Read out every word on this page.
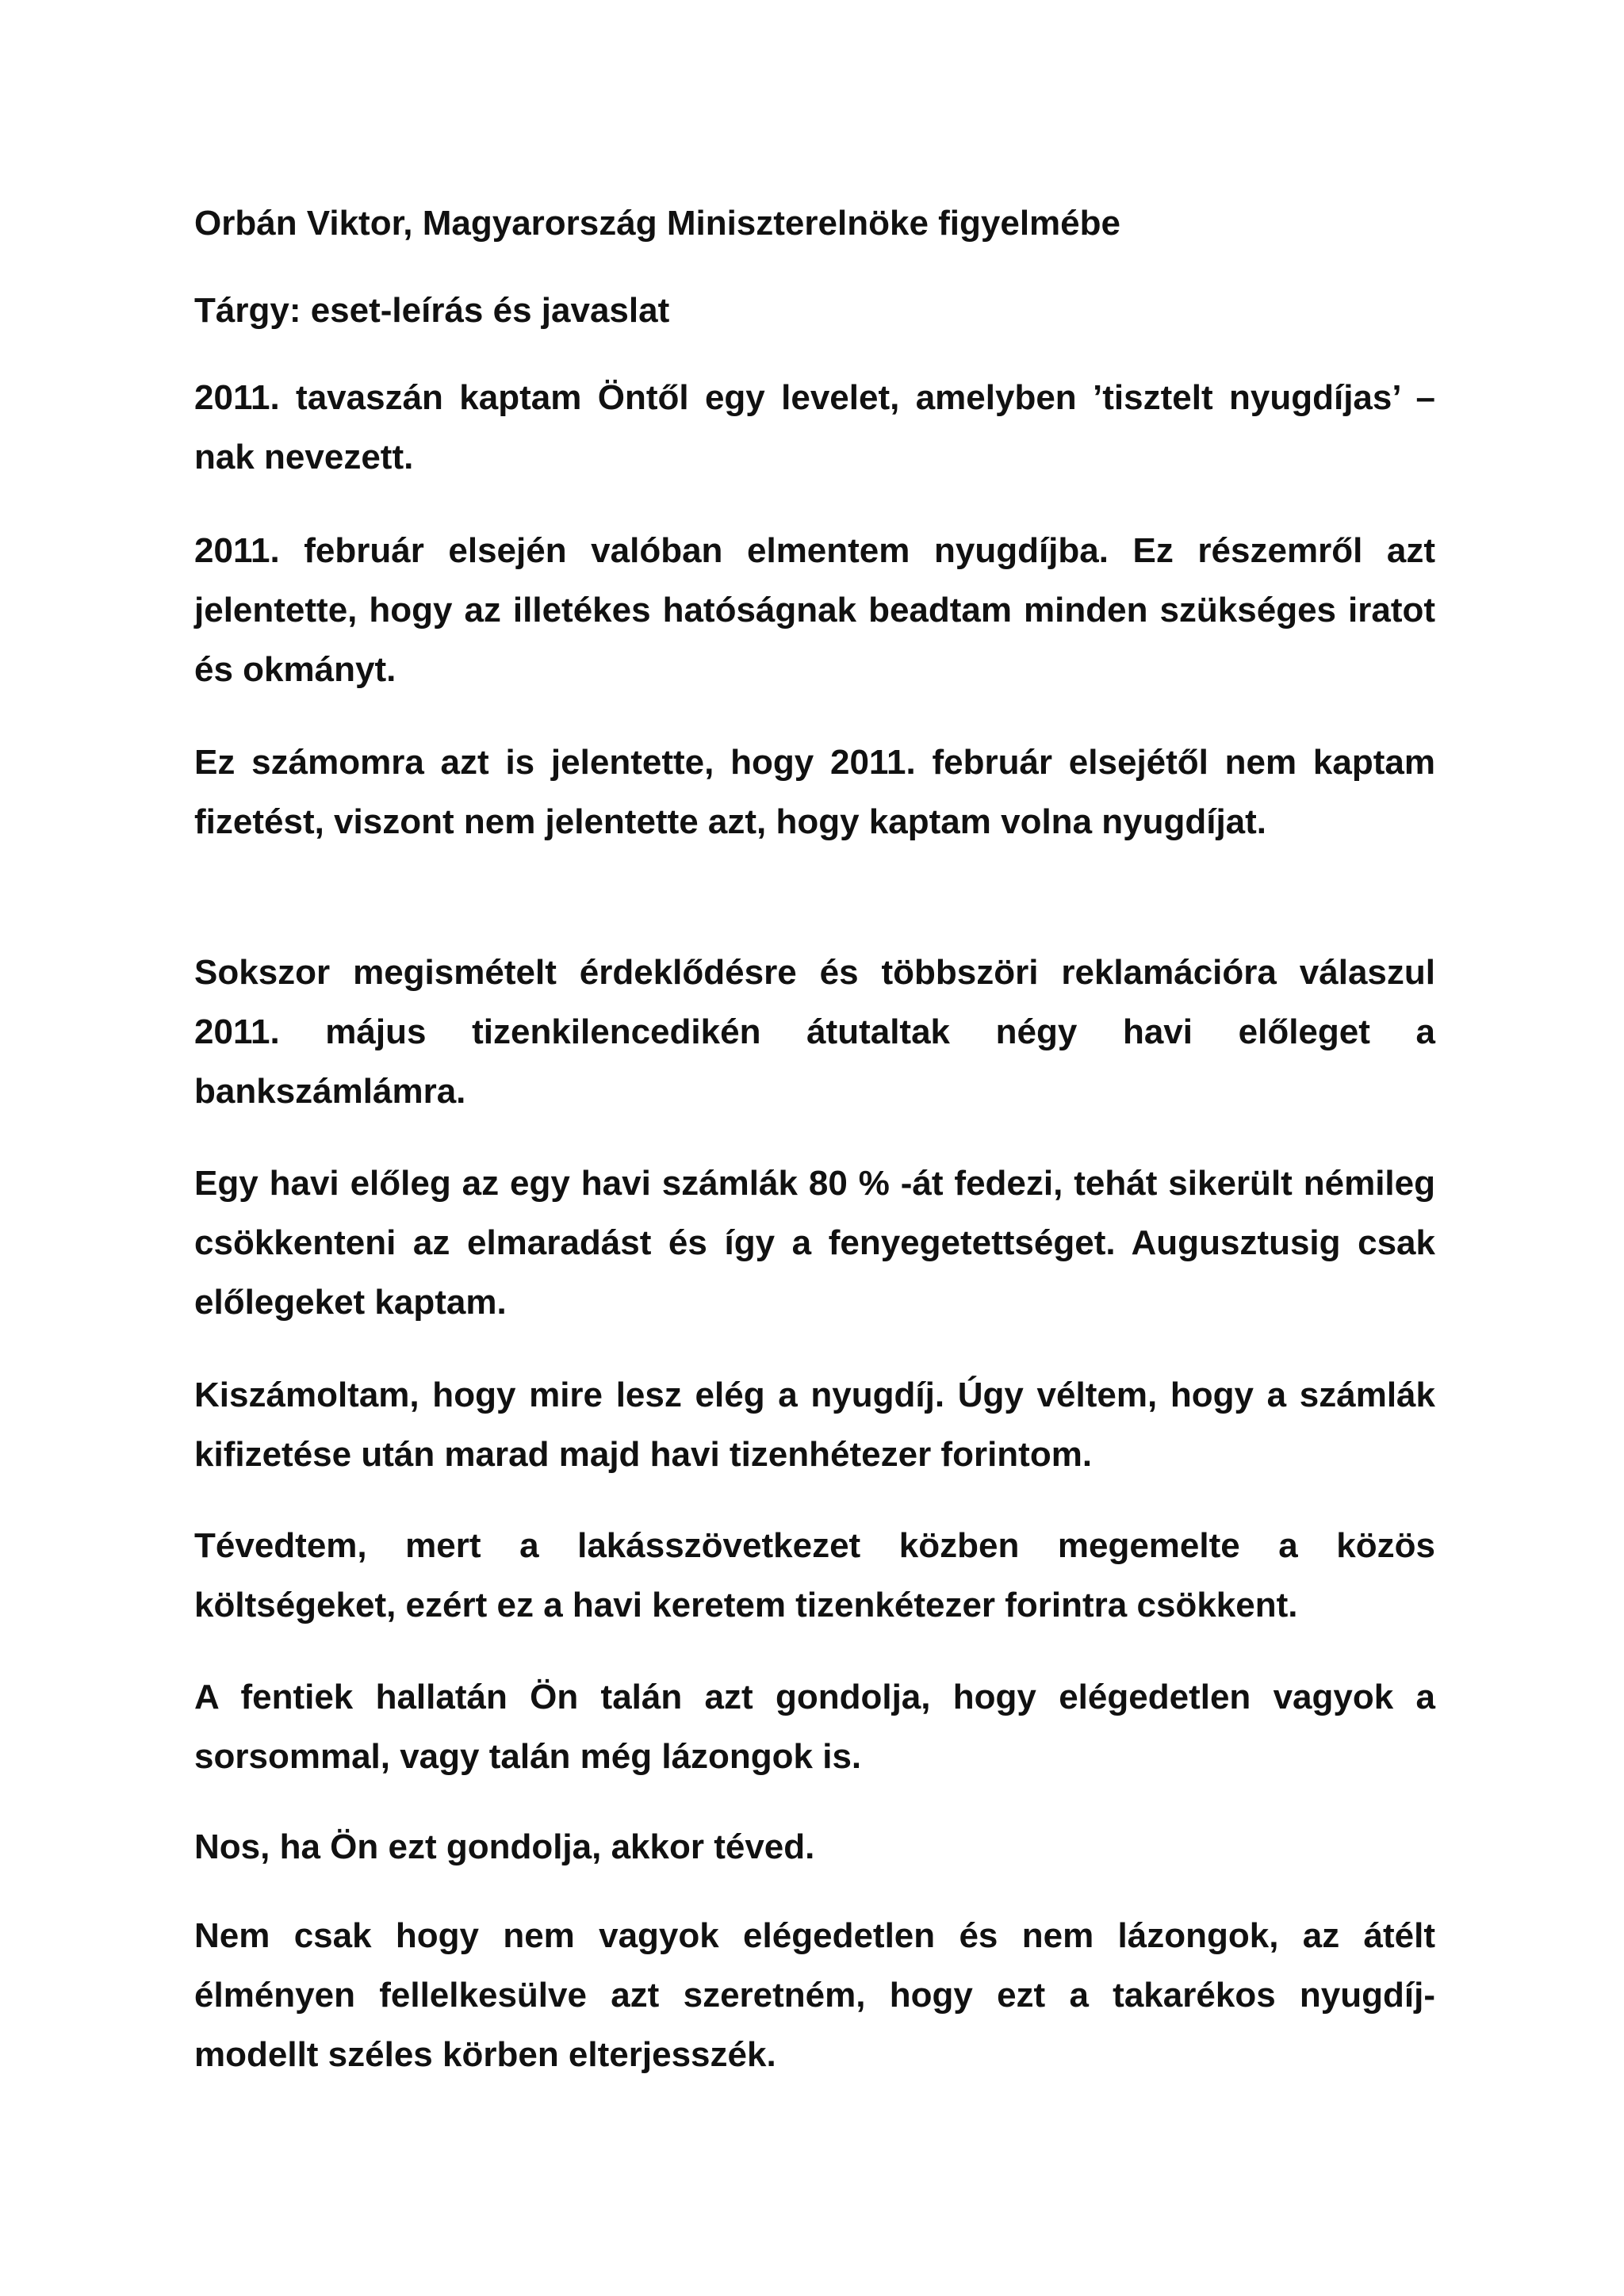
Orbán Viktor, Magyarország Miniszterelnöke figyelmébe

Tárgy: eset-leírás és javaslat

2011. tavaszán kaptam Öntől egy levelet, amelyben ’tisztelt nyugdíjas’ –nak nevezett.

2011. február elsején valóban elmentem nyugdíjba. Ez részemről azt jelentette, hogy az illetékes hatóságnak beadtam minden szükséges iratot és okmányt.

Ez számomra azt is jelentette, hogy 2011. február elsejétől nem kaptam fizetést, viszont nem jelentette azt, hogy kaptam volna nyugdíjat.

Sokszor megismételt érdeklődésre és többszöri reklamációra válaszul 2011. május tizenkilencedikén átutaltak négy havi előleget a bankszámlámra.

Egy havi előleg az egy havi számlák 80 % -át fedezi, tehát sikerült némileg csökkenteni az elmaradást és így a fenyegetettséget. Augusztusig csak előlegeket kaptam.

Kiszámoltam, hogy mire lesz elég a nyugdíj. Úgy véltem, hogy a számlák kifizetése után marad majd havi tizenhétezer forintom.

Tévedtem, mert a lakásszövetkezet közben megemelte a közös költségeket, ezért ez a havi keretem tizenkétezer forintra csökkent.

A fentiek hallatán Ön talán azt gondolja, hogy elégedetlen vagyok a sorsommal, vagy talán még lázongok is.

Nos, ha Ön ezt gondolja, akkor téved.

Nem csak hogy nem vagyok elégedetlen és nem lázongok, az átélt élményen fellelkesülve azt szeretném, hogy ezt a takarékos nyugdíj-modellt széles körben elterjesszék.
